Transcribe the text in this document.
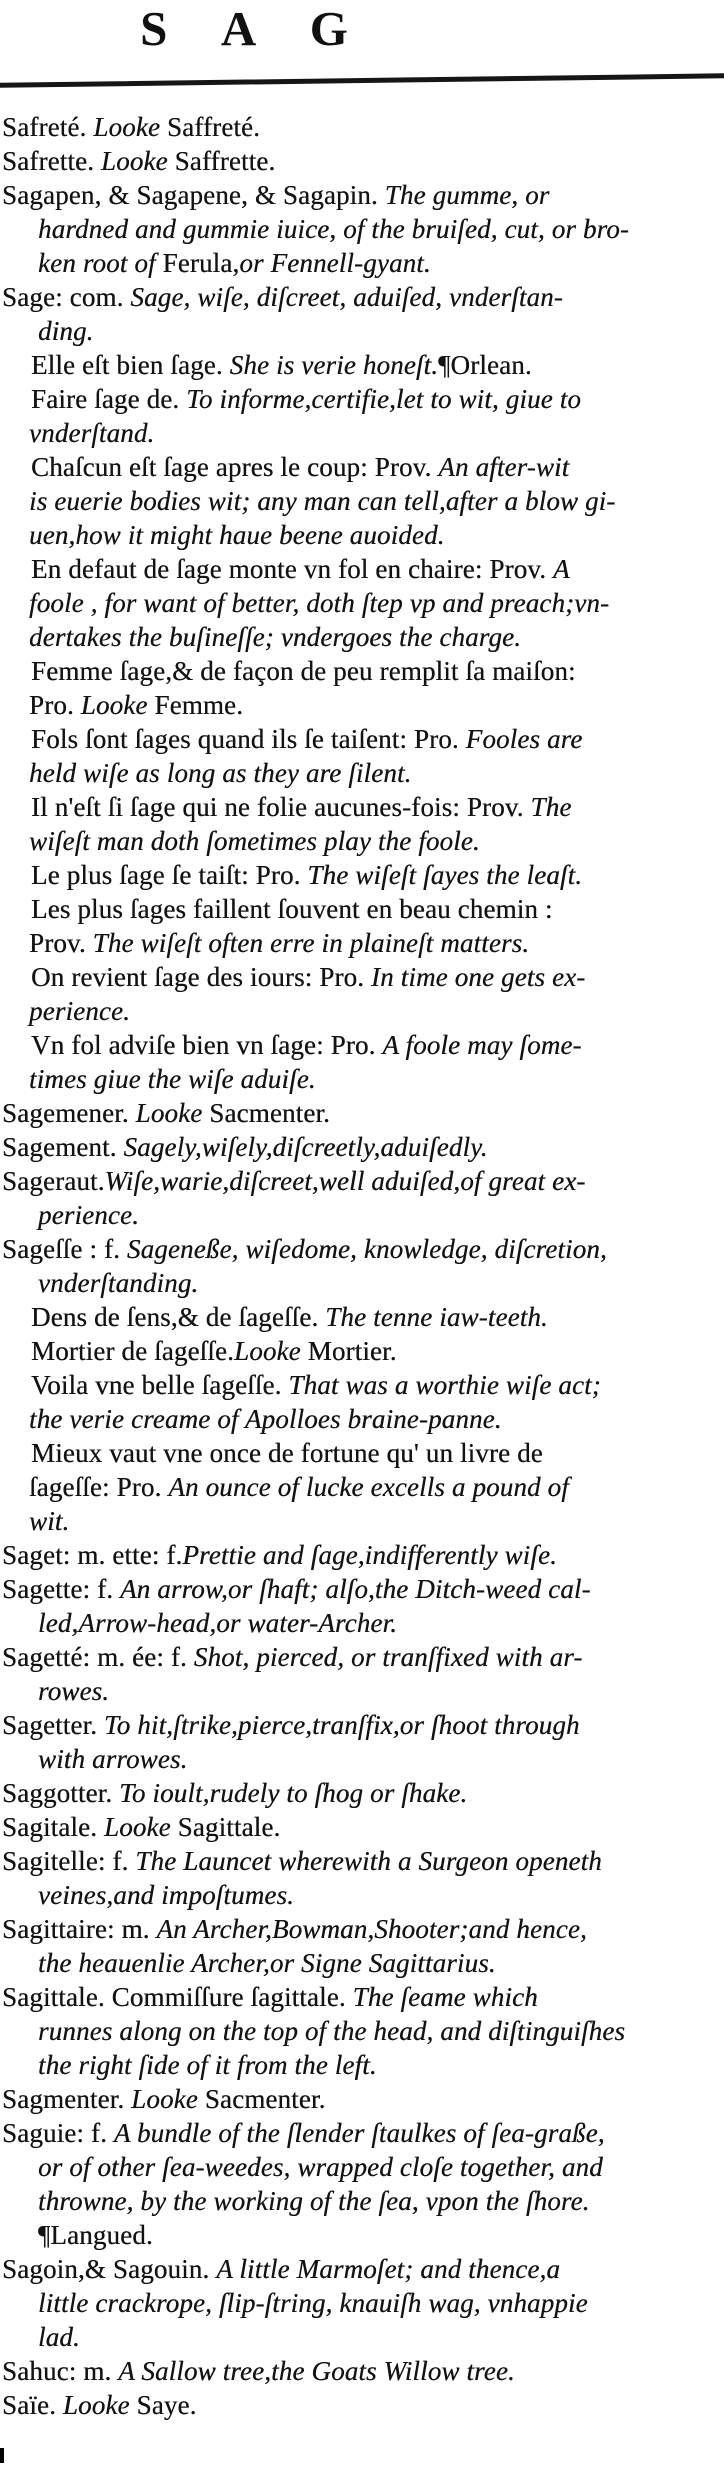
S A G
Safreté. Looke Saffreté.
Safrette. Looke Saffrette.
Sagapen, & Sagapene, & Sagapin. The gumme, or
hardned and gummie iuice, of the bruiſed, cut, or bro-
ken root of Ferula,or Fennell-gyant.
Sage: com. Sage, wiſe, diſcreet, aduiſed, vnderſtan-
ding.
Elle eſt bien ſage. She is verie honeſt.¶Orlean.
Faire ſage de. To informe,certifie,let to wit, giue to
vnderſtand.
Chaſcun eſt ſage apres le coup: Prov. An after-wit
is euerie bodies wit; any man can tell,after a blow gi-
uen,how it might haue beene auoided.
En defaut de ſage monte vn fol en chaire: Prov. A
foole , for want of better, doth ſtep vp and preach;vn-
dertakes the buſineſſe; vndergoes the charge.
Femme ſage,& de façon de peu remplit ſa maiſon:
Pro. Looke Femme.
Fols ſont ſages quand ils ſe taiſent: Pro. Fooles are
held wiſe as long as they are ſilent.
Il n'eſt ſi ſage qui ne folie aucunes-fois: Prov. The
wiſeſt man doth ſometimes play the foole.
Le plus ſage ſe taiſt: Pro. The wiſeſt ſayes the leaſt.
Les plus ſages faillent ſouvent en beau chemin :
Prov. The wiſeſt often erre in plaineſt matters.
On revient ſage des iours: Pro. In time one gets ex-
perience.
Vn fol adviſe bien vn ſage: Pro. A foole may ſome-
times giue the wiſe aduiſe.
Sagemener. Looke Sacmenter.
Sagement. Sagely,wiſely,diſcreetly,aduiſedly.
Sageraut.Wiſe,warie,diſcreet,well aduiſed,of great ex-
perience.
Sageſſe : f. Sageneße, wiſedome, knowledge, diſcretion,
vnderſtanding.
Dens de ſens,& de ſageſſe. The tenne iaw-teeth.
Mortier de ſageſſe.Looke Mortier.
Voila vne belle ſageſſe. That was a worthie wiſe act;
the verie creame of Apolloes braine-panne.
Mieux vaut vne once de fortune qu' un livre de
ſageſſe: Pro. An ounce of lucke excells a pound of
wit.
Saget: m. ette: f.Prettie and ſage,indifferently wiſe.
Sagette: f. An arrow,or ſhaft; alſo,the Ditch-weed cal-
led,Arrow-head,or water-Archer.
Sagetté: m. ée: f. Shot, pierced, or tranſfixed with ar-
rowes.
Sagetter. To hit,ſtrike,pierce,tranſfix,or ſhoot through
with arrowes.
Saggotter. To ioult,rudely to ſhog or ſhake.
Sagitale. Looke Sagittale.
Sagitelle: f. The Launcet wherewith a Surgeon openeth
veines,and impoſtumes.
Sagittaire: m. An Archer,Bowman,Shooter;and hence,
the heauenlie Archer,or Signe Sagittarius.
Sagittale. Commiſſure ſagittale. The ſeame which
runnes along on the top of the head, and diſtinguiſhes
the right ſide of it from the left.
Sagmenter. Looke Sacmenter.
Saguie: f. A bundle of the ſlender ſtaulkes of ſea-graße,
or of other ſea-weedes, wrapped cloſe together, and
throwne, by the working of the ſea, vpon the ſhore.
¶Langued.
Sagoin,& Sagouin. A little Marmoſet; and thence,a
little crackrope, ſlip-ſtring, knauiſh wag, vnhappie
lad.
Sahuc: m. A Sallow tree,the Goats Willow tree.
Saïe. Looke Saye.
